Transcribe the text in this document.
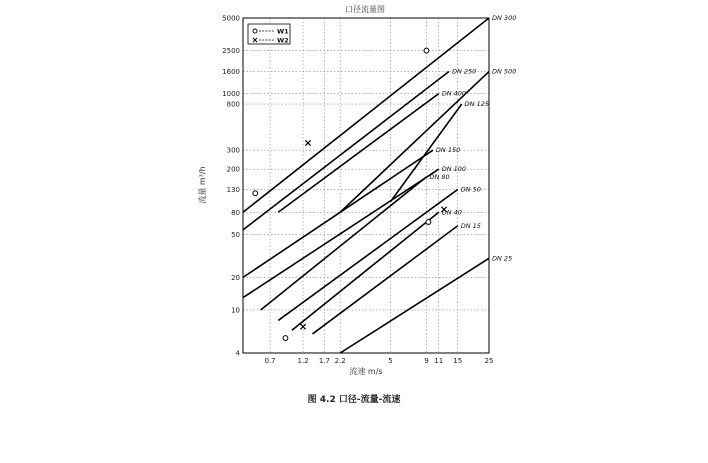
口径流量图
DN 300
DN 250
DN 400
DN 500
DN 125
DN 150
DN 100
DN 80
DN 50
DN 40
DN 15
DN 25
0.7	1.2 1.7 2.2	5	9 11 15	25
4
10
20
50
80
130
200
300
800
1000
1600
2500
5000
流速 m/s
流量 m³/h
W1
W2
图 4.2 口径-流量-流速
